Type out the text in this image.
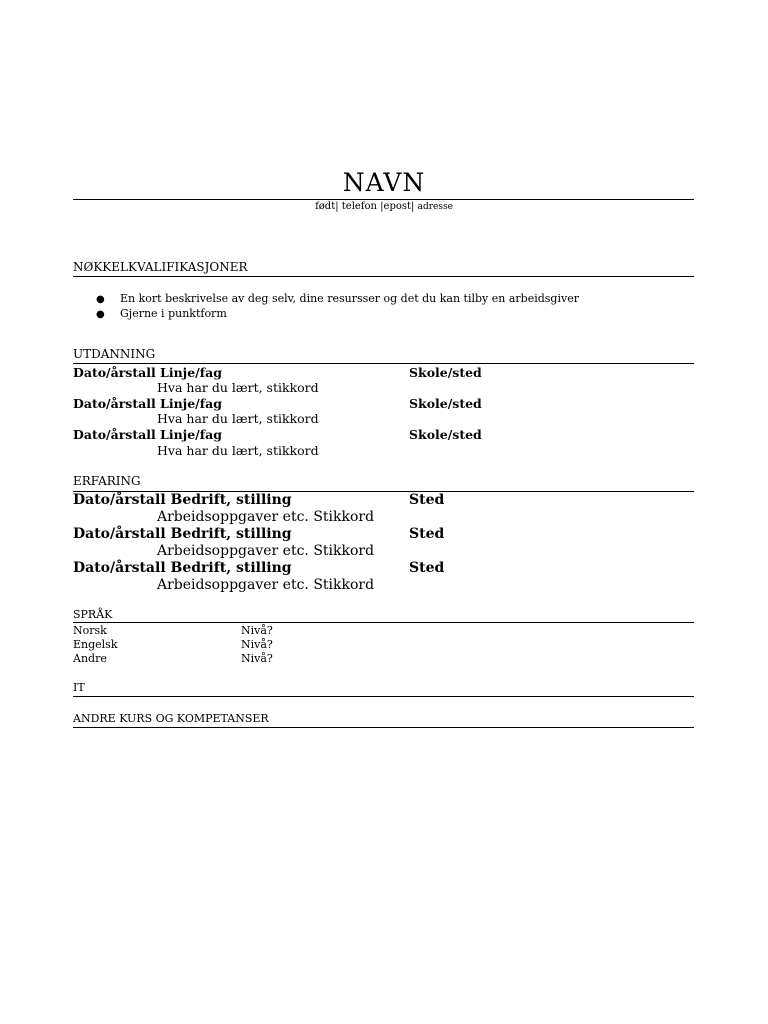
NAVN
født| telefon |epost| adresse
NØKKELKVALIFIKASJONER
● En kort beskrivelse av deg selv, dine resursser og det du kan tilby en arbeidsgiver
● Gjerne i punktform
UTDANNING
Dato/årstall Linje/fag	Skole/sted
Hva har du lært, stikkord
Dato/årstall Linje/fag	Skole/sted
Hva har du lært, stikkord
Dato/årstall Linje/fag	Skole/sted
Hva har du lært, stikkord
ERFARING
Dato/årstall Bedrift, stilling	Sted
Arbeidsoppgaver etc. Stikkord
Dato/årstall Bedrift, stilling	Sted
Arbeidsoppgaver etc. Stikkord
Dato/årstall Bedrift, stilling	Sted
Arbeidsoppgaver etc. Stikkord
SPRÅK
Norsk	Nivå?
Engelsk	Nivå?
Andre	Nivå?
IT
ANDRE KURS OG KOMPETANSER
